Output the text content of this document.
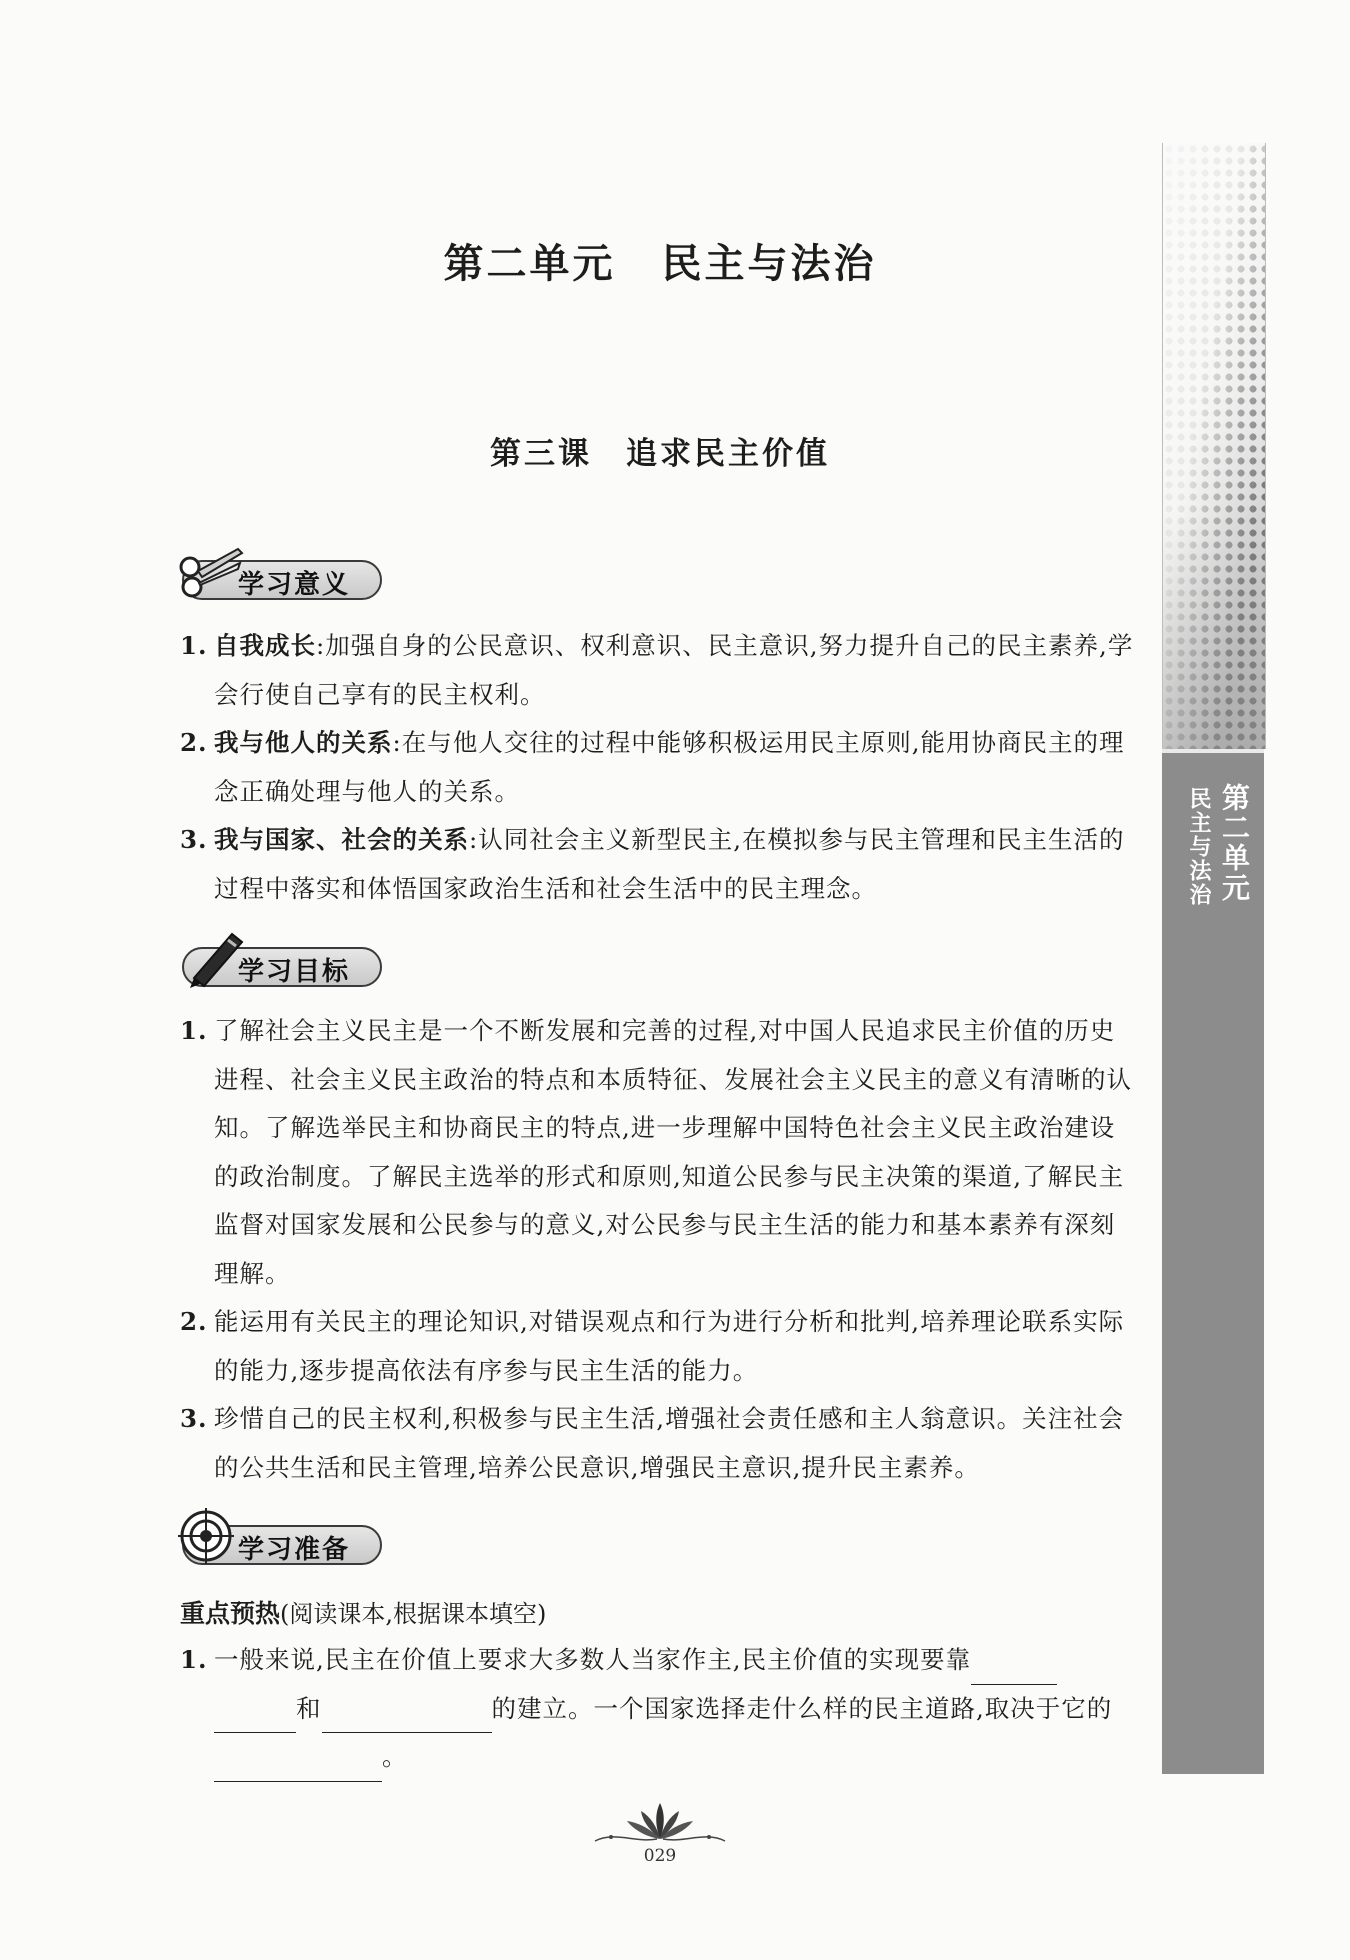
第二单元
民主与法治
第二单元 民主与法治
第三课 追求民主价值
学习意义
1. 自我成长:加强自身的公民意识、权利意识、民主意识,努力提升自己的民主素养,学会行使自己享有的民主权利。
2. 我与他人的关系:在与他人交往的过程中能够积极运用民主原则,能用协商民主的理念正确处理与他人的关系。
3. 我与国家、社会的关系:认同社会主义新型民主,在模拟参与民主管理和民主生活的过程中落实和体悟国家政治生活和社会生活中的民主理念。
学习目标
1. 了解社会主义民主是一个不断发展和完善的过程,对中国人民追求民主价值的历史进程、社会主义民主政治的特点和本质特征、发展社会主义民主的意义有清晰的认知。了解选举民主和协商民主的特点,进一步理解中国特色社会主义民主政治建设的政治制度。了解民主选举的形式和原则,知道公民参与民主决策的渠道,了解民主监督对国家发展和公民参与的意义,对公民参与民主生活的能力和基本素养有深刻理解。
2. 能运用有关民主的理论知识,对错误观点和行为进行分析和批判,培养理论联系实际的能力,逐步提高依法有序参与民主生活的能力。
3. 珍惜自己的民主权利,积极参与民主生活,增强社会责任感和主人翁意识。关注社会的公共生活和民主管理,培养公民意识,增强民主意识,提升民主素养。
学习准备
重点预热(阅读课本,根据课本填空)
1. 一般来说,民主在价值上要求大多数人当家作主,民主价值的实现要靠
和	的建立。一个国家选择走什么样的民主道路,取决于它的。
029
